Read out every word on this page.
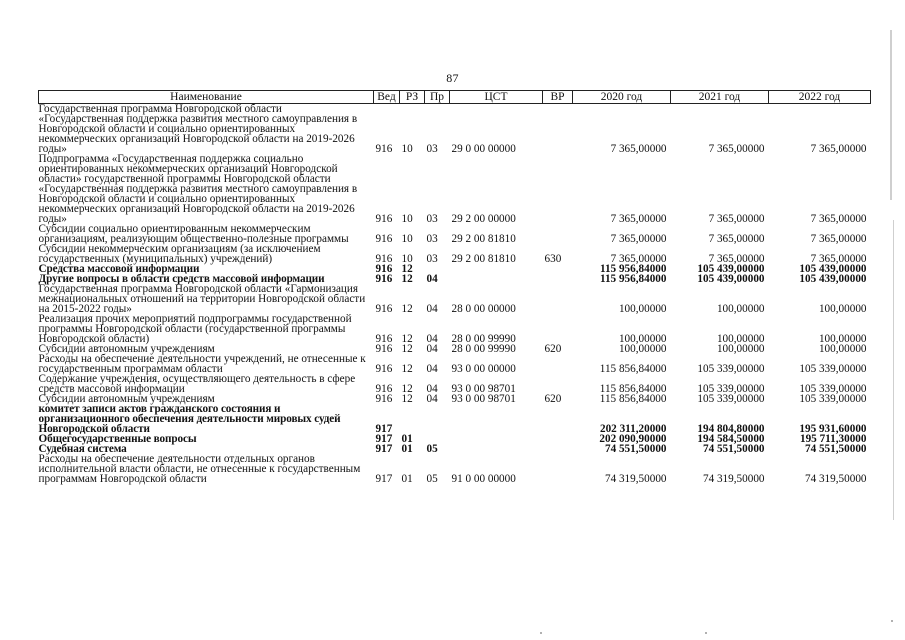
87
Наименование	Вед	РЗ	Пр	ЦСТ	ВР	2020 год	2021 год	2022 год
Государственная программа Новгородской области «Государственная поддержка развития местного самоуправления в Новгородской области и социально ориентированных некоммерческих организаций Новгородской области на 2019-2026 годы»	916	10	03	29 0 00 00000		7 365,00000	7 365,00000	7 365,00000
Подпрограмма «Государственная поддержка социально ориентированных некоммерческих организаций Новгородской области» государственной программы Новгородской области «Государственная поддержка развития местного самоуправления в Новгородской области и социально ориентированных некоммерческих организаций Новгородской области на 2019-2026 годы»	916	10	03	29 2 00 00000		7 365,00000	7 365,00000	7 365,00000
Субсидии социально ориентированным некоммерческим организациям, реализующим общественно-полезные программы	916	10	03	29 2 00 81810		7 365,00000	7 365,00000	7 365,00000
Субсидии некоммерческим организациям (за исключением государственных (муниципальных) учреждений)	916	10	03	29 2 00 81810	630	7 365,00000	7 365,00000	7 365,00000
Средства массовой информации	916	12				115 956,84000	105 439,00000	105 439,00000
Другие вопросы в области средств массовой информации	916	12	04			115 956,84000	105 439,00000	105 439,00000
Государственная программа Новгородской области «Гармонизация межнациональных отношений на территории Новгородской области на 2015-2022 годы»	916	12	04	28 0 00 00000		100,00000	100,00000	100,00000
Реализация прочих мероприятий подпрограммы государственной программы Новгородской области (государственной программы Новгородской области)	916	12	04	28 0 00 99990		100,00000	100,00000	100,00000
Субсидии автономным учреждениям	916	12	04	28 0 00 99990	620	100,00000	100,00000	100,00000
Расходы на обеспечение деятельности учреждений, не отнесенные к государственным программам области	916	12	04	93 0 00 00000		115 856,84000	105 339,00000	105 339,00000
Содержание учреждения, осуществляющего деятельность в сфере средств массовой информации	916	12	04	93 0 00 98701		115 856,84000	105 339,00000	105 339,00000
Субсидии автономным учреждениям	916	12	04	93 0 00 98701	620	115 856,84000	105 339,00000	105 339,00000
комитет записи актов гражданского состояния и организационного обеспечения деятельности мировых судей Новгородской области	917					202 311,20000	194 804,80000	195 931,60000
Общегосударственные вопросы	917	01				202 090,90000	194 584,50000	195 711,30000
Судебная система	917	01	05			74 551,50000	74 551,50000	74 551,50000
Расходы на обеспечение деятельности отдельных органов исполнительной власти области, не отнесенные к государственным программам Новгородской области	917	01	05	91 0 00 00000		74 319,50000	74 319,50000	74 319,50000
